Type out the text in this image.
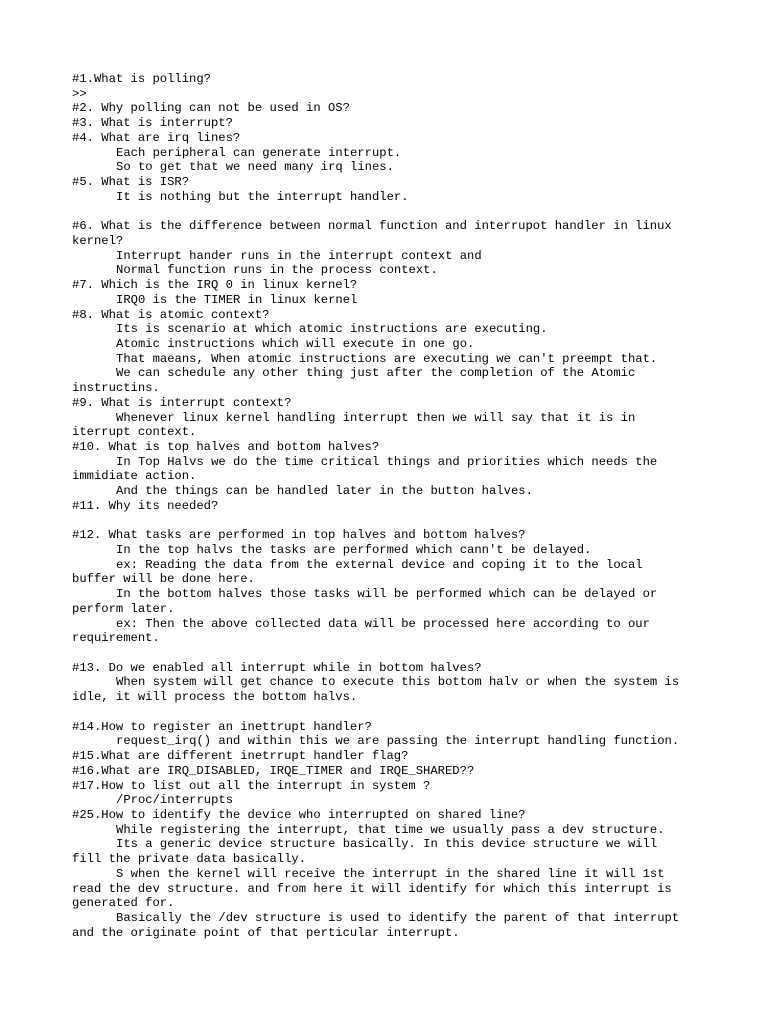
#1.What is polling?
>>
#2. Why polling can not be used in OS?
#3. What is interrupt?
#4. What are irq lines?
Each peripheral can generate interrupt.
So to get that we need many irq lines.
#5. What is ISR?
It is nothing but the interrupt handler.
#6. What is the difference between normal function and interrupot handler in linux
kernel?
Interrupt hander runs in the interrupt context and
Normal function runs in the process context.
#7. Which is the IRQ 0 in linux kernel?
IRQ0 is the TIMER in linux kernel
#8. What is atomic context?
Its is scenario at which atomic instructions are executing.
Atomic instructions which will execute in one go.
That maeans, When atomic instructions are executing we can't preempt that.
We can schedule any other thing just after the completion of the Atomic
instructins.
#9. What is interrupt context?
Whenever linux kernel handling interrupt then we will say that it is in
iterrupt context.
#10. What is top halves and bottom halves?
In Top Halvs we do the time critical things and priorities which needs the
immidiate action.
And the things can be handled later in the button halves.
#11. Why its needed?
#12. What tasks are performed in top halves and bottom halves?
In the top halvs the tasks are performed which cann't be delayed.
ex: Reading the data from the external device and coping it to the local
buffer will be done here.
In the bottom halves those tasks will be performed which can be delayed or
perform later.
ex: Then the above collected data will be processed here according to our
requirement.
#13. Do we enabled all interrupt while in bottom halves?
When system will get chance to execute this bottom halv or when the system is
idle, it will process the bottom halvs.
#14.How to register an inettrupt handler?
request_irq() and within this we are passing the interrupt handling function.
#15.What are different inetrrupt handler flag?
#16.What are IRQ_DISABLED, IRQE_TIMER and IRQE_SHARED??
#17.How to list out all the interrupt in system ?
/Proc/interrupts
#25.How to identify the device who interrupted on shared line?
While registering the interrupt, that time we usually pass a dev structure.
Its a generic device structure basically. In this device structure we will
fill the private data basically.
S when the kernel will receive the interrupt in the shared line it will 1st
read the dev structure. and from here it will identify for which this interrupt is
generated for.
Basically the /dev structure is used to identify the parent of that interrupt
and the originate point of that perticular interrupt.
